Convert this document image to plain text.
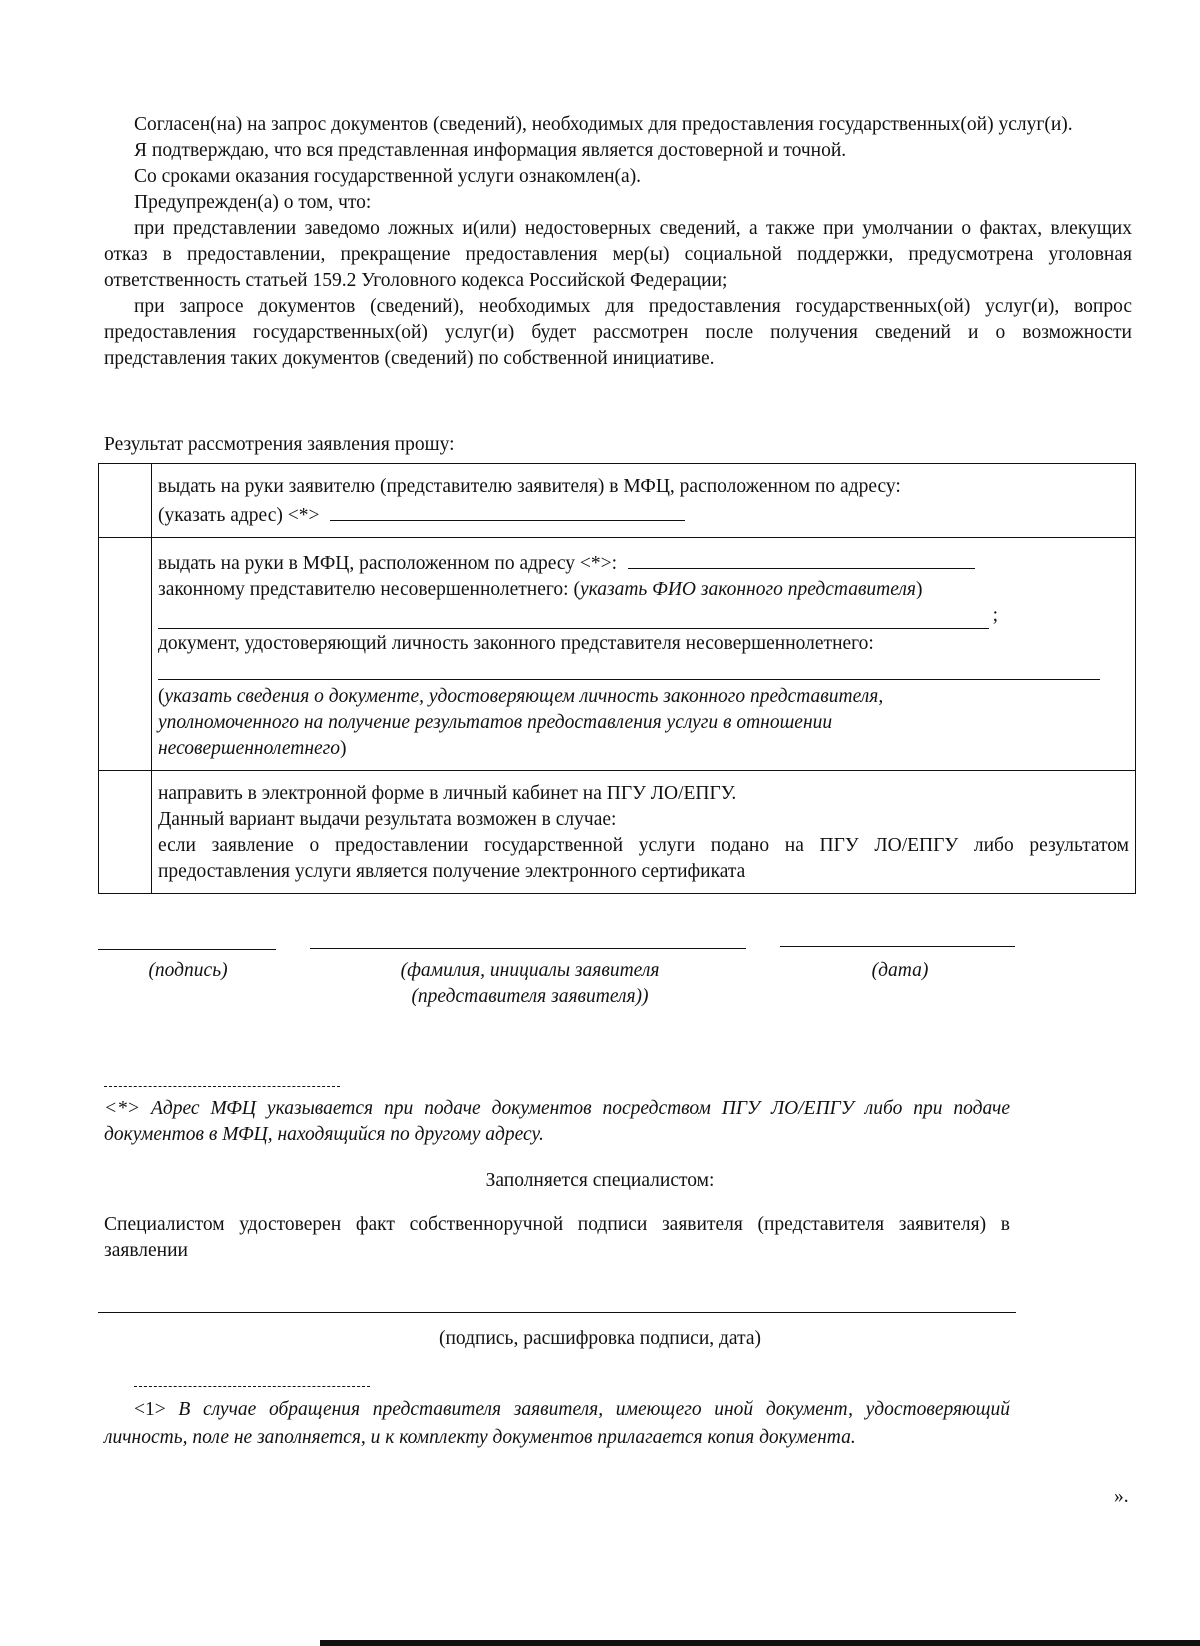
Согласен(на) на запрос документов (сведений), необходимых для предоставления государственных(ой) услуг(и).
Я подтверждаю, что вся представленная информация является достоверной и точной.
Со сроками оказания государственной услуги ознакомлен(а).
Предупрежден(а) о том, что:
при представлении заведомо ложных и(или) недостоверных сведений, а также при умолчании о фактах, влекущих отказ в предоставлении, прекращение предоставления мер(ы) социальной поддержки, предусмотрена уголовная ответственность статьей 159.2 Уголовного кодекса Российской Федерации;
при запросе документов (сведений), необходимых для предоставления государственных(ой) услуг(и), вопрос предоставления государственных(ой) услуг(и) будет рассмотрен после получения сведений и о возможности представления таких документов (сведений) по собственной инициативе.
Результат рассмотрения заявления прошу:

	выдать на руки заявителю (представителю заявителя) в МФЦ, расположенном по адресу:
(указать адрес) <*>

	выдать на руки в МФЦ, расположенном по адресу <*>:
законному представителю несовершеннолетнего: (указать ФИО законного представителя)
;
документ, удостоверяющий личность законного представителя несовершеннолетнего:
(указать сведения о документе, удостоверяющем личность законного представителя, уполномоченного на получение результатов предоставления услуги в отношении несовершеннолетнего)

	направить в электронной форме в личный кабинет на ПГУ ЛО/ЕПГУ.
Данный вариант выдачи результата возможен в случае:
если заявление о предоставлении государственной услуги подано на ПГУ ЛО/ЕПГУ либо результатом предоставления услуги является получение электронного сертификата
(подпись)	(фамилия, инициалы заявителя
(представителя заявителя))
(дата)
<*> Адрес МФЦ указывается при подаче документов посредством ПГУ ЛО/ЕПГУ либо при подаче документов в МФЦ, находящийся по другому адресу.
Заполняется специалистом:
Специалистом удостоверен факт собственноручной подписи заявителя (представителя заявителя) в заявлении
(подпись, расшифровка подписи, дата)
<1> В случае обращения представителя заявителя, имеющего иной документ, удостоверяющий личность, поле не заполняется, и к комплекту документов прилагается копия документа.
».
